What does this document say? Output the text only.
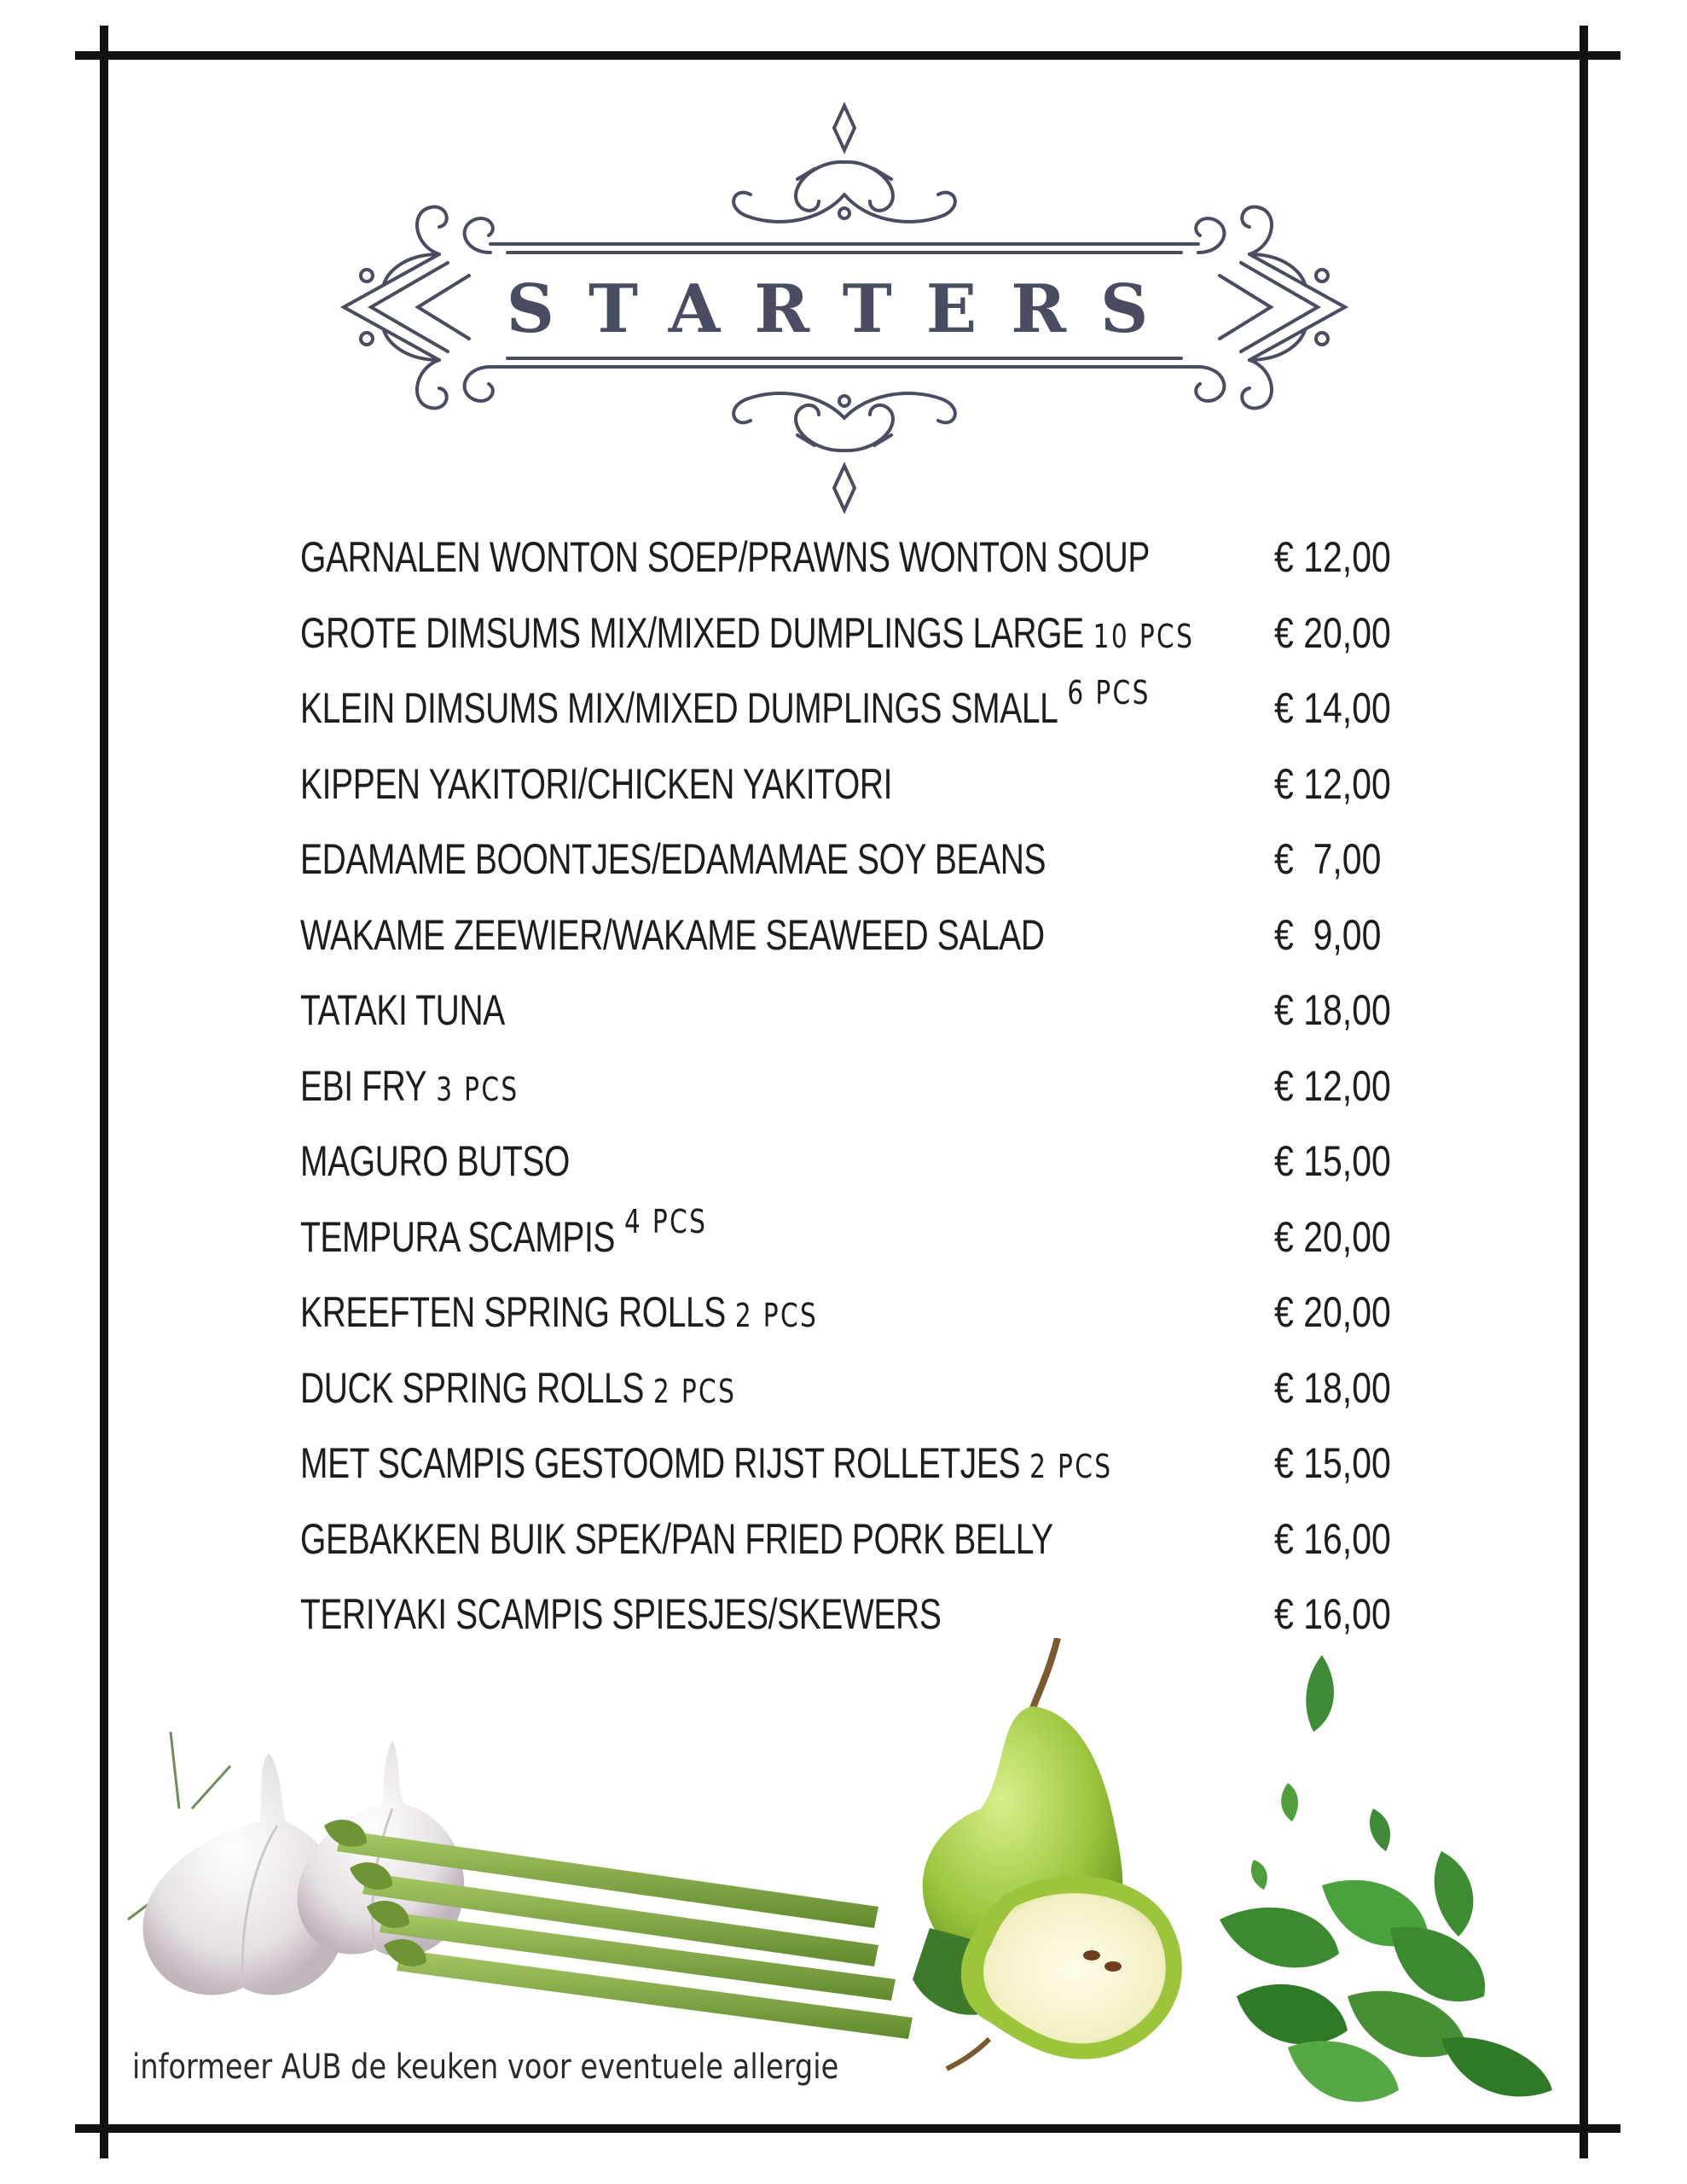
STARTERS
GARNALEN WONTON SOEP/PRAWNS WONTON SOUP	€ 12,00
GROTE DIMSUMS MIX/MIXED DUMPLINGS LARGE 10 PCS € 20,00
KLEIN DIMSUMS MIX/MIXED DUMPLINGS SMALL $^{6 PCS}$	€ 14,00
KIPPEN YAKITORI/CHICKEN YAKITORI	€ 12,00
EDAMAME BOONTJES/EDAMAMAE SOY BEANS	€  7,00
WAKAME ZEEWIER/WAKAME SEAWEED SALAD	€  9,00
TATAKI TUNA	€ 18,00
EBI FRY 3 PCS	€ 12,00
MAGURO BUTSO	€ 15,00
TEMPURA SCAMPIS $^{4 PCS}$	€ 20,00
KREEFTEN SPRING ROLLS 2 PCS	€ 20,00
DUCK SPRING ROLLS 2 PCS	€ 18,00
MET SCAMPIS GESTOOMD RIJST ROLLETJES 2 PCS	€ 15,00
GEBAKKEN BUIK SPEK/PAN FRIED PORK BELLY	€ 16,00
TERIYAKI SCAMPIS SPIESJES/SKEWERS	€ 16,00
informeer AUB de keuken voor eventuele allergie
